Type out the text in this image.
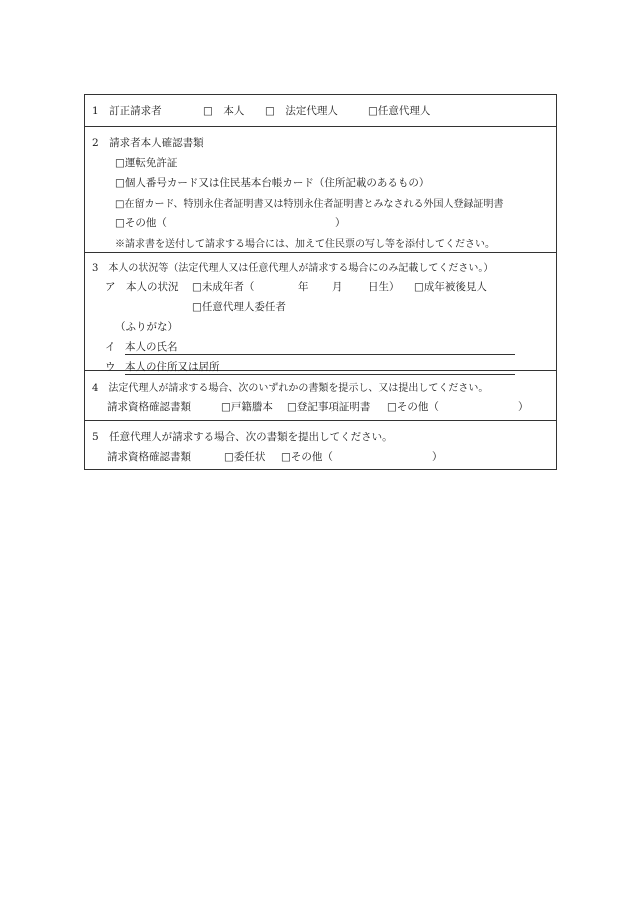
1　訂正請求者	□　本人 □　法定代理人	□任意代理人
2　請求者本人確認書類
□運転免許証
□個人番号カード又は住民基本台帳カード（住所記載のあるもの）
□在留カード、特別永住者証明書又は特別永住者証明書とみなされる外国人登録証明書
□その他（	）
※請求書を送付して請求する場合には、加えて住民票の写し等を添付してください。
3　本人の状況等（法定代理人又は任意代理人が請求する場合にのみ記載してください。）
ア　本人の状況 □未成年者（	年 月 日生） □成年被後見人
□任意代理人委任者
（ふりがな）
イ 本人の氏名
ウ 本人の住所又は居所
4　法定代理人が請求する場合、次のいずれかの書類を提示し、又は提出してください。
請求資格確認書類	□戸籍謄本 □登記事項証明書 □その他（	）
5　任意代理人が請求する場合、次の書類を提出してください。
請求資格確認書類	□委任状 □その他（	）
